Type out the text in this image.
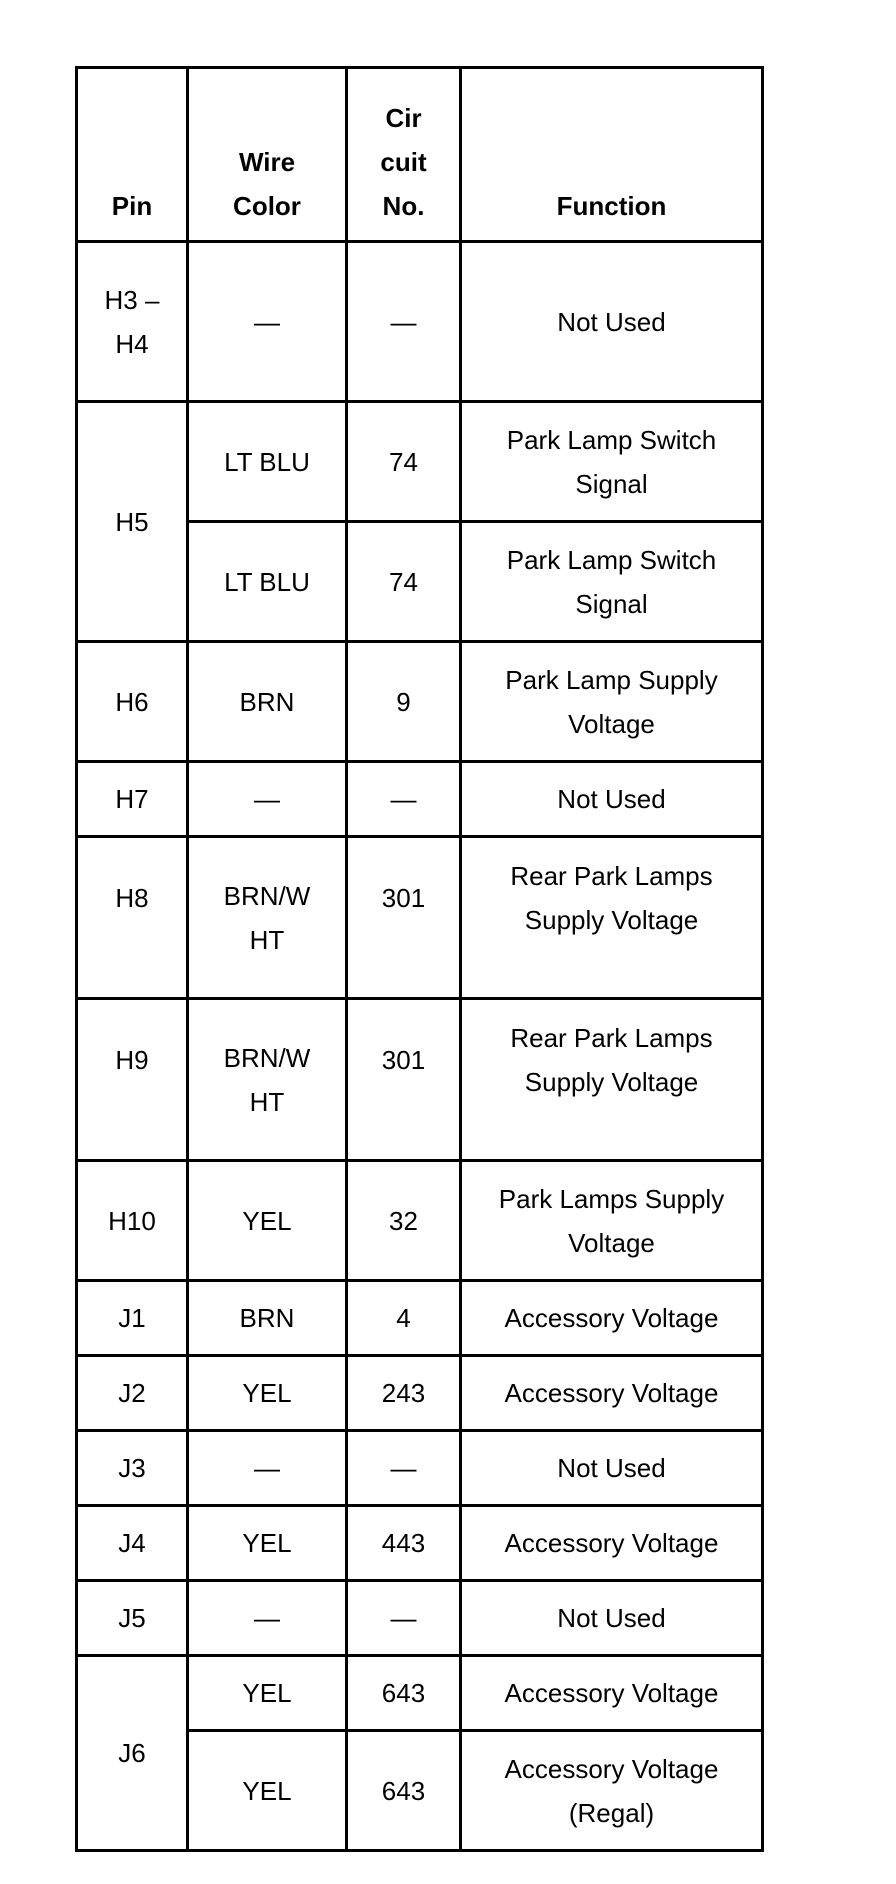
Pin	Wire Color	Cir cuit No.	Function
H3 –H4	—	—	Not Used
H5	LT BLU	74	Park Lamp Switch Signal
	LT BLU	74	Park Lamp Switch Signal
H6	BRN	9	Park Lamp Supply Voltage
H7	—	—	Not Used
H8	BRN/W HT	301	Rear Park Lamps Supply Voltage
H9	BRN/W HT	301	Rear Park Lamps Supply Voltage
H10	YEL	32	Park Lamps Supply Voltage
J1	BRN	4	Accessory Voltage
J2	YEL	243	Accessory Voltage
J3	—	—	Not Used
J4	YEL	443	Accessory Voltage
J5	—	—	Not Used
J6	YEL	643	Accessory Voltage
	YEL	643	Accessory Voltage (Regal)
